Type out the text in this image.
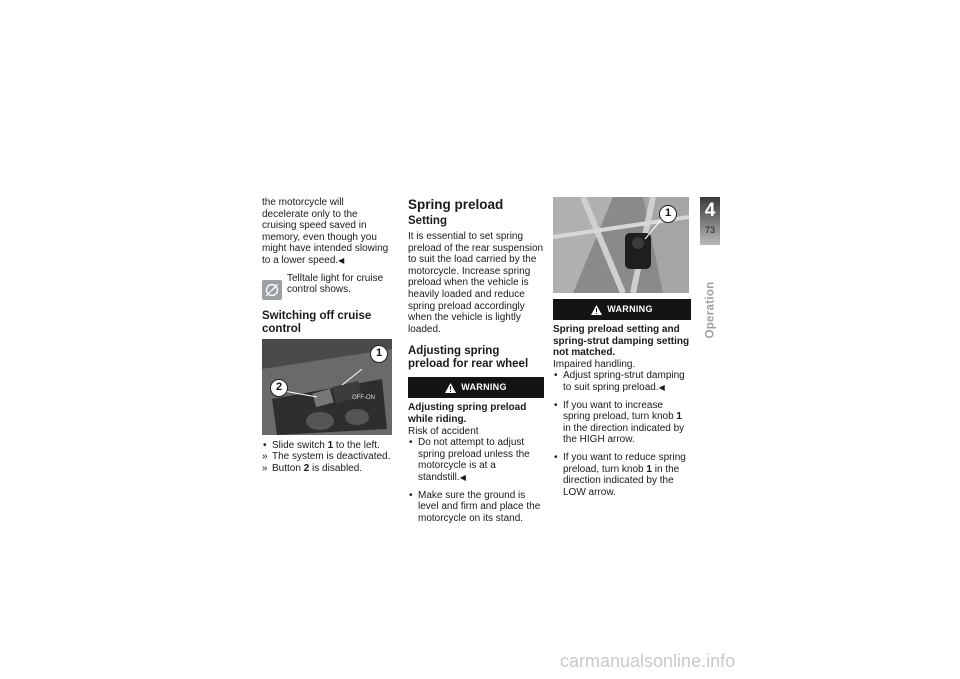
the motorcycle will decelerate only to the cruising speed saved in memory, even though you might have intended slowing to a lower speed.◀

Telltale light for cruise control shows.
Switching off cruise control
OFF-ON
1
2

• Slide switch 1 to the left.

» The system is deactivated.

» Button 2 is disabled.

Spring preload
Setting

It is essential to set spring preload of the rear suspension to suit the load carried by the motorcycle. Increase spring preload when the vehicle is heavily loaded and reduce spring preload accordingly when the vehicle is lightly loaded.

Adjusting spring preload for rear wheel
WARNING

Adjusting spring preload while riding.

Risk of accident

• Do not attempt to adjust spring preload unless the motorcycle is at a standstill.◀

• Make sure the ground is level and firm and place the motorcycle on its stand.

1
WARNING

Spring preload setting and spring-strut damping setting not matched.

Impaired handling.

• Adjust spring-strut damping to suit spring preload.◀

• If you want to increase spring preload, turn knob 1 in the direction indicated by the HIGH arrow.

• If you want to reduce spring preload, turn knob 1 in the direction indicated by the LOW arrow.

4
73
Operation
carmanualsonline.info
